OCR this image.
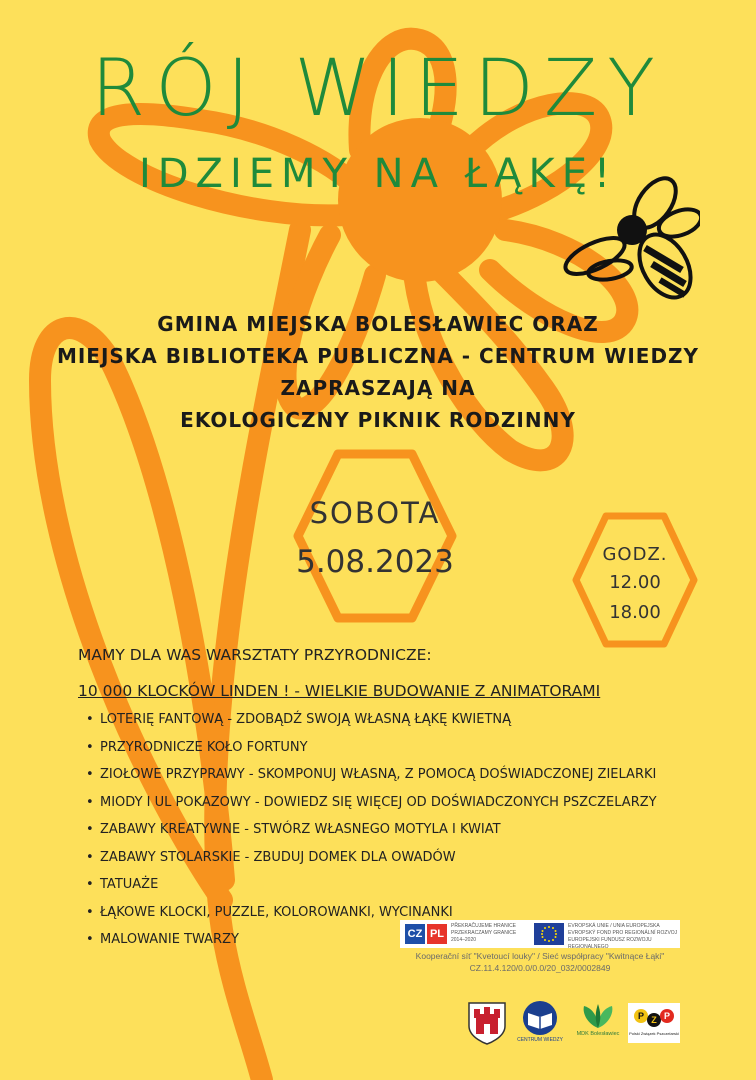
RÓJ WIEDZY
IDZIEMY NA ŁĄKĘ!
GMINA MIEJSKA BOLESŁAWIEC ORAZ
MIEJSKA BIBLIOTEKA PUBLICZNA - CENTRUM WIEDZY
ZAPRASZAJĄ NA
EKOLOGICZNY PIKNIK RODZINNY
SOBOTA
5.08.2023	GODZ.
12.00
18.00
MAMY DLA WAS WARSZTATY PRZYRODNICZE:
10 000 KLOCKÓW LINDEN ! - WIELKIE BUDOWANIE Z ANIMATORAMI
• LOTERIĘ FANTOWĄ - ZDOBĄDŹ SWOJĄ WŁASNĄ ŁĄKĘ KWIETNĄ
• PRZYRODNICZE KOŁO FORTUNY
• ZIOŁOWE PRZYPRAWY - SKOMPONUJ WŁASNĄ, Z POMOCĄ DOŚWIADCZONEJ ZIELARKI
• MIODY I UL POKAZOWY - DOWIEDZ SIĘ WIĘCEJ OD DOŚWIADCZONYCH PSZCZELARZY
• ZABAWY KREATYWNE - STWÓRZ WŁASNEGO MOTYLA I KWIAT
• ZABAWY STOLARSKIE - ZBUDUJ DOMEK DLA OWADÓW
• TATUAŻE
• ŁĄKOWE KLOCKI, PUZZLE, KOLOROWANKI, WYCINANKI
• MALOWANIE TWARZY	CZ PL
PŘEKRAČUJEME HRANICE
PRZEKRACZAMY GRANICE
2014–2020
EVROPSKÁ UNIE / UNIA EUROPEJSKA
EVROPSKÝ FOND PRO REGIONÁLNÍ ROZVOJ
EUROPEJSKI FUNDUSZ ROZWOJU REGIONALNEGO
Kooperační síť "Kvetoucí louky" / Sieć współpracy "Kwitnące Łąki"
CZ.11.4.120/0.0/0.0/20_032/0002849
CENTRUM WIEDZY
MDK Bolesławiec
P Z P
Polski Związek Pszczelarski
